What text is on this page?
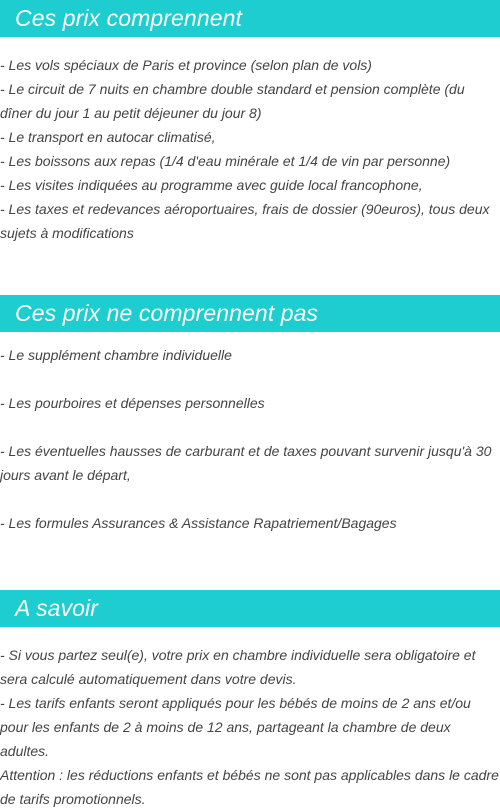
Ces prix comprennent

- Les vols spéciaux de Paris et province (selon plan de vols)

- Le circuit de 7 nuits en chambre double standard et pension complète (du dîner du jour 1 au petit déjeuner du jour 8)

- Le transport en autocar climatisé,

- Les boissons aux repas (1/4 d'eau minérale et 1/4 de vin par personne)

- Les visites indiquées au programme avec guide local francophone,

- Les taxes et redevances aéroportuaires, frais de dossier (90euros), tous deux sujets à modifications

Ces prix ne comprennent pas

- Le supplément chambre individuelle

- Les pourboires et dépenses personnelles

- Les éventuelles hausses de carburant et de taxes pouvant survenir jusqu'à 30 jours avant le départ,

- Les formules Assurances & Assistance Rapatriement/Bagages

A savoir

- Si vous partez seul(e), votre prix en chambre individuelle sera obligatoire et sera calculé automatiquement dans votre devis.

- Les tarifs enfants seront appliqués pour les bébés de moins de 2 ans et/ou pour les enfants de 2 à moins de 12 ans, partageant la chambre de deux adultes.

Attention : les réductions enfants et bébés ne sont pas applicables dans le cadre de tarifs promotionnels.
